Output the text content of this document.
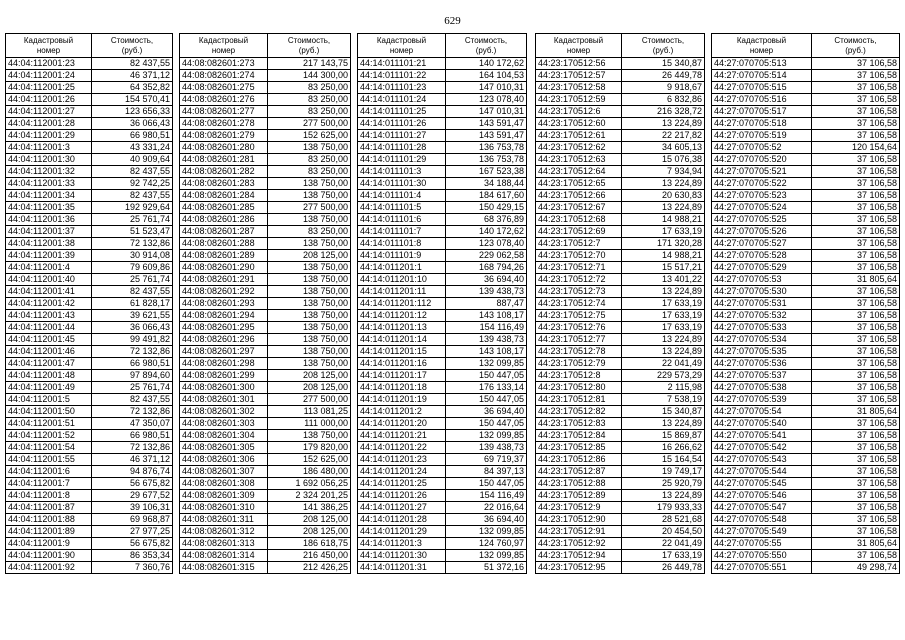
629
Кадастровый
номер	Стоимость,
(руб.)

44:04:112001:23	82 437,55
44:04:112001:24	46 371,12
44:04:112001:25	64 352,82
44:04:112001:26	154 570,41
44:04:112001:27	123 656,33
44:04:112001:28	36 066,43
44:04:112001:29	66 980,51
44:04:112001:3	43 331,24
44:04:112001:30	40 909,64
44:04:112001:32	82 437,55
44:04:112001:33	92 742,25
44:04:112001:34	82 437,55
44:04:112001:35	192 929,64
44:04:112001:36	25 761,74
44:04:112001:37	51 523,47
44:04:112001:38	72 132,86
44:04:112001:39	30 914,08
44:04:112001:4	79 609,86
44:04:112001:40	25 761,74
44:04:112001:41	82 437,55
44:04:112001:42	61 828,17
44:04:112001:43	39 621,55
44:04:112001:44	36 066,43
44:04:112001:45	99 491,82
44:04:112001:46	72 132,86
44:04:112001:47	66 980,51
44:04:112001:48	97 894,60
44:04:112001:49	25 761,74
44:04:112001:5	82 437,55
44:04:112001:50	72 132,86
44:04:112001:51	47 350,07
44:04:112001:52	66 980,51
44:04:112001:54	72 132,86
44:04:112001:55	46 371,12
44:04:112001:6	94 876,74
44:04:112001:7	56 675,82
44:04:112001:8	29 677,52
44:04:112001:87	39 106,31
44:04:112001:88	69 968,87
44:04:112001:89	27 977,25
44:04:112001:9	56 675,82
44:04:112001:90	86 353,34
44:04:112001:92	7 360,76
Кадастровый
номер	Стоимость,
(руб.)

44:08:082601:273	217 143,75
44:08:082601:274	144 300,00
44:08:082601:275	83 250,00
44:08:082601:276	83 250,00
44:08:082601:277	83 250,00
44:08:082601:278	277 500,00
44:08:082601:279	152 625,00
44:08:082601:280	138 750,00
44:08:082601:281	83 250,00
44:08:082601:282	83 250,00
44:08:082601:283	138 750,00
44:08:082601:284	138 750,00
44:08:082601:285	277 500,00
44:08:082601:286	138 750,00
44:08:082601:287	83 250,00
44:08:082601:288	138 750,00
44:08:082601:289	208 125,00
44:08:082601:290	138 750,00
44:08:082601:291	138 750,00
44:08:082601:292	138 750,00
44:08:082601:293	138 750,00
44:08:082601:294	138 750,00
44:08:082601:295	138 750,00
44:08:082601:296	138 750,00
44:08:082601:297	138 750,00
44:08:082601:298	138 750,00
44:08:082601:299	208 125,00
44:08:082601:300	208 125,00
44:08:082601:301	277 500,00
44:08:082601:302	113 081,25
44:08:082601:303	111 000,00
44:08:082601:304	138 750,00
44:08:082601:305	179 820,00
44:08:082601:306	152 625,00
44:08:082601:307	186 480,00
44:08:082601:308	1 692 056,25
44:08:082601:309	2 324 201,25
44:08:082601:310	141 386,25
44:08:082601:311	208 125,00
44:08:082601:312	208 125,00
44:08:082601:313	186 618,75
44:08:082601:314	216 450,00
44:08:082601:315	212 426,25
Кадастровый
номер	Стоимость,
(руб.)

44:14:011101:21	140 172,62
44:14:011101:22	164 104,53
44:14:011101:23	147 010,31
44:14:011101:24	123 078,40
44:14:011101:25	147 010,31
44:14:011101:26	143 591,47
44:14:011101:27	143 591,47
44:14:011101:28	136 753,78
44:14:011101:29	136 753,78
44:14:011101:3	167 523,38
44:14:011101:30	34 188,44
44:14:011101:4	184 617,60
44:14:011101:5	150 429,15
44:14:011101:6	68 376,89
44:14:011101:7	140 172,62
44:14:011101:8	123 078,40
44:14:011101:9	229 062,58
44:14:011201:1	168 794,26
44:14:011201:10	36 694,40
44:14:011201:11	139 438,73
44:14:011201:112	887,47
44:14:011201:12	143 108,17
44:14:011201:13	154 116,49
44:14:011201:14	139 438,73
44:14:011201:15	143 108,17
44:14:011201:16	132 099,85
44:14:011201:17	150 447,05
44:14:011201:18	176 133,14
44:14:011201:19	150 447,05
44:14:011201:2	36 694,40
44:14:011201:20	150 447,05
44:14:011201:21	132 099,85
44:14:011201:22	139 438,73
44:14:011201:23	69 719,37
44:14:011201:24	84 397,13
44:14:011201:25	150 447,05
44:14:011201:26	154 116,49
44:14:011201:27	22 016,64
44:14:011201:28	36 694,40
44:14:011201:29	132 099,85
44:14:011201:3	124 760,97
44:14:011201:30	132 099,85
44:14:011201:31	51 372,16
Кадастровый
номер	Стоимость,
(руб.)

44:23:170512:56	15 340,87
44:23:170512:57	26 449,78
44:23:170512:58	9 918,67
44:23:170512:59	6 832,86
44:23:170512:6	216 328,72
44:23:170512:60	13 224,89
44:23:170512:61	22 217,82
44:23:170512:62	34 605,13
44:23:170512:63	15 076,38
44:23:170512:64	7 934,94
44:23:170512:65	13 224,89
44:23:170512:66	20 630,83
44:23:170512:67	13 224,89
44:23:170512:68	14 988,21
44:23:170512:69	17 633,19
44:23:170512:7	171 320,28
44:23:170512:70	14 988,21
44:23:170512:71	15 517,21
44:23:170512:72	13 401,22
44:23:170512:73	13 224,89
44:23:170512:74	17 633,19
44:23:170512:75	17 633,19
44:23:170512:76	17 633,19
44:23:170512:77	13 224,89
44:23:170512:78	13 224,89
44:23:170512:79	22 041,49
44:23:170512:8	229 573,29
44:23:170512:80	2 115,98
44:23:170512:81	7 538,19
44:23:170512:82	15 340,87
44:23:170512:83	13 224,89
44:23:170512:84	15 869,87
44:23:170512:85	16 266,62
44:23:170512:86	15 164,54
44:23:170512:87	19 749,17
44:23:170512:88	25 920,79
44:23:170512:89	13 224,89
44:23:170512:9	179 933,33
44:23:170512:90	28 521,68
44:23:170512:91	20 454,50
44:23:170512:92	22 041,49
44:23:170512:94	17 633,19
44:23:170512:95	26 449,78
Кадастровый
номер	Стоимость,
(руб.)

44:27:070705:513	37 106,58
44:27:070705:514	37 106,58
44:27:070705:515	37 106,58
44:27:070705:516	37 106,58
44:27:070705:517	37 106,58
44:27:070705:518	37 106,58
44:27:070705:519	37 106,58
44:27:070705:52	120 154,64
44:27:070705:520	37 106,58
44:27:070705:521	37 106,58
44:27:070705:522	37 106,58
44:27:070705:523	37 106,58
44:27:070705:524	37 106,58
44:27:070705:525	37 106,58
44:27:070705:526	37 106,58
44:27:070705:527	37 106,58
44:27:070705:528	37 106,58
44:27:070705:529	37 106,58
44:27:070705:53	31 805,64
44:27:070705:530	37 106,58
44:27:070705:531	37 106,58
44:27:070705:532	37 106,58
44:27:070705:533	37 106,58
44:27:070705:534	37 106,58
44:27:070705:535	37 106,58
44:27:070705:536	37 106,58
44:27:070705:537	37 106,58
44:27:070705:538	37 106,58
44:27:070705:539	37 106,58
44:27:070705:54	31 805,64
44:27:070705:540	37 106,58
44:27:070705:541	37 106,58
44:27:070705:542	37 106,58
44:27:070705:543	37 106,58
44:27:070705:544	37 106,58
44:27:070705:545	37 106,58
44:27:070705:546	37 106,58
44:27:070705:547	37 106,58
44:27:070705:548	37 106,58
44:27:070705:549	37 106,58
44:27:070705:55	31 805,64
44:27:070705:550	37 106,58
44:27:070705:551	49 298,74
